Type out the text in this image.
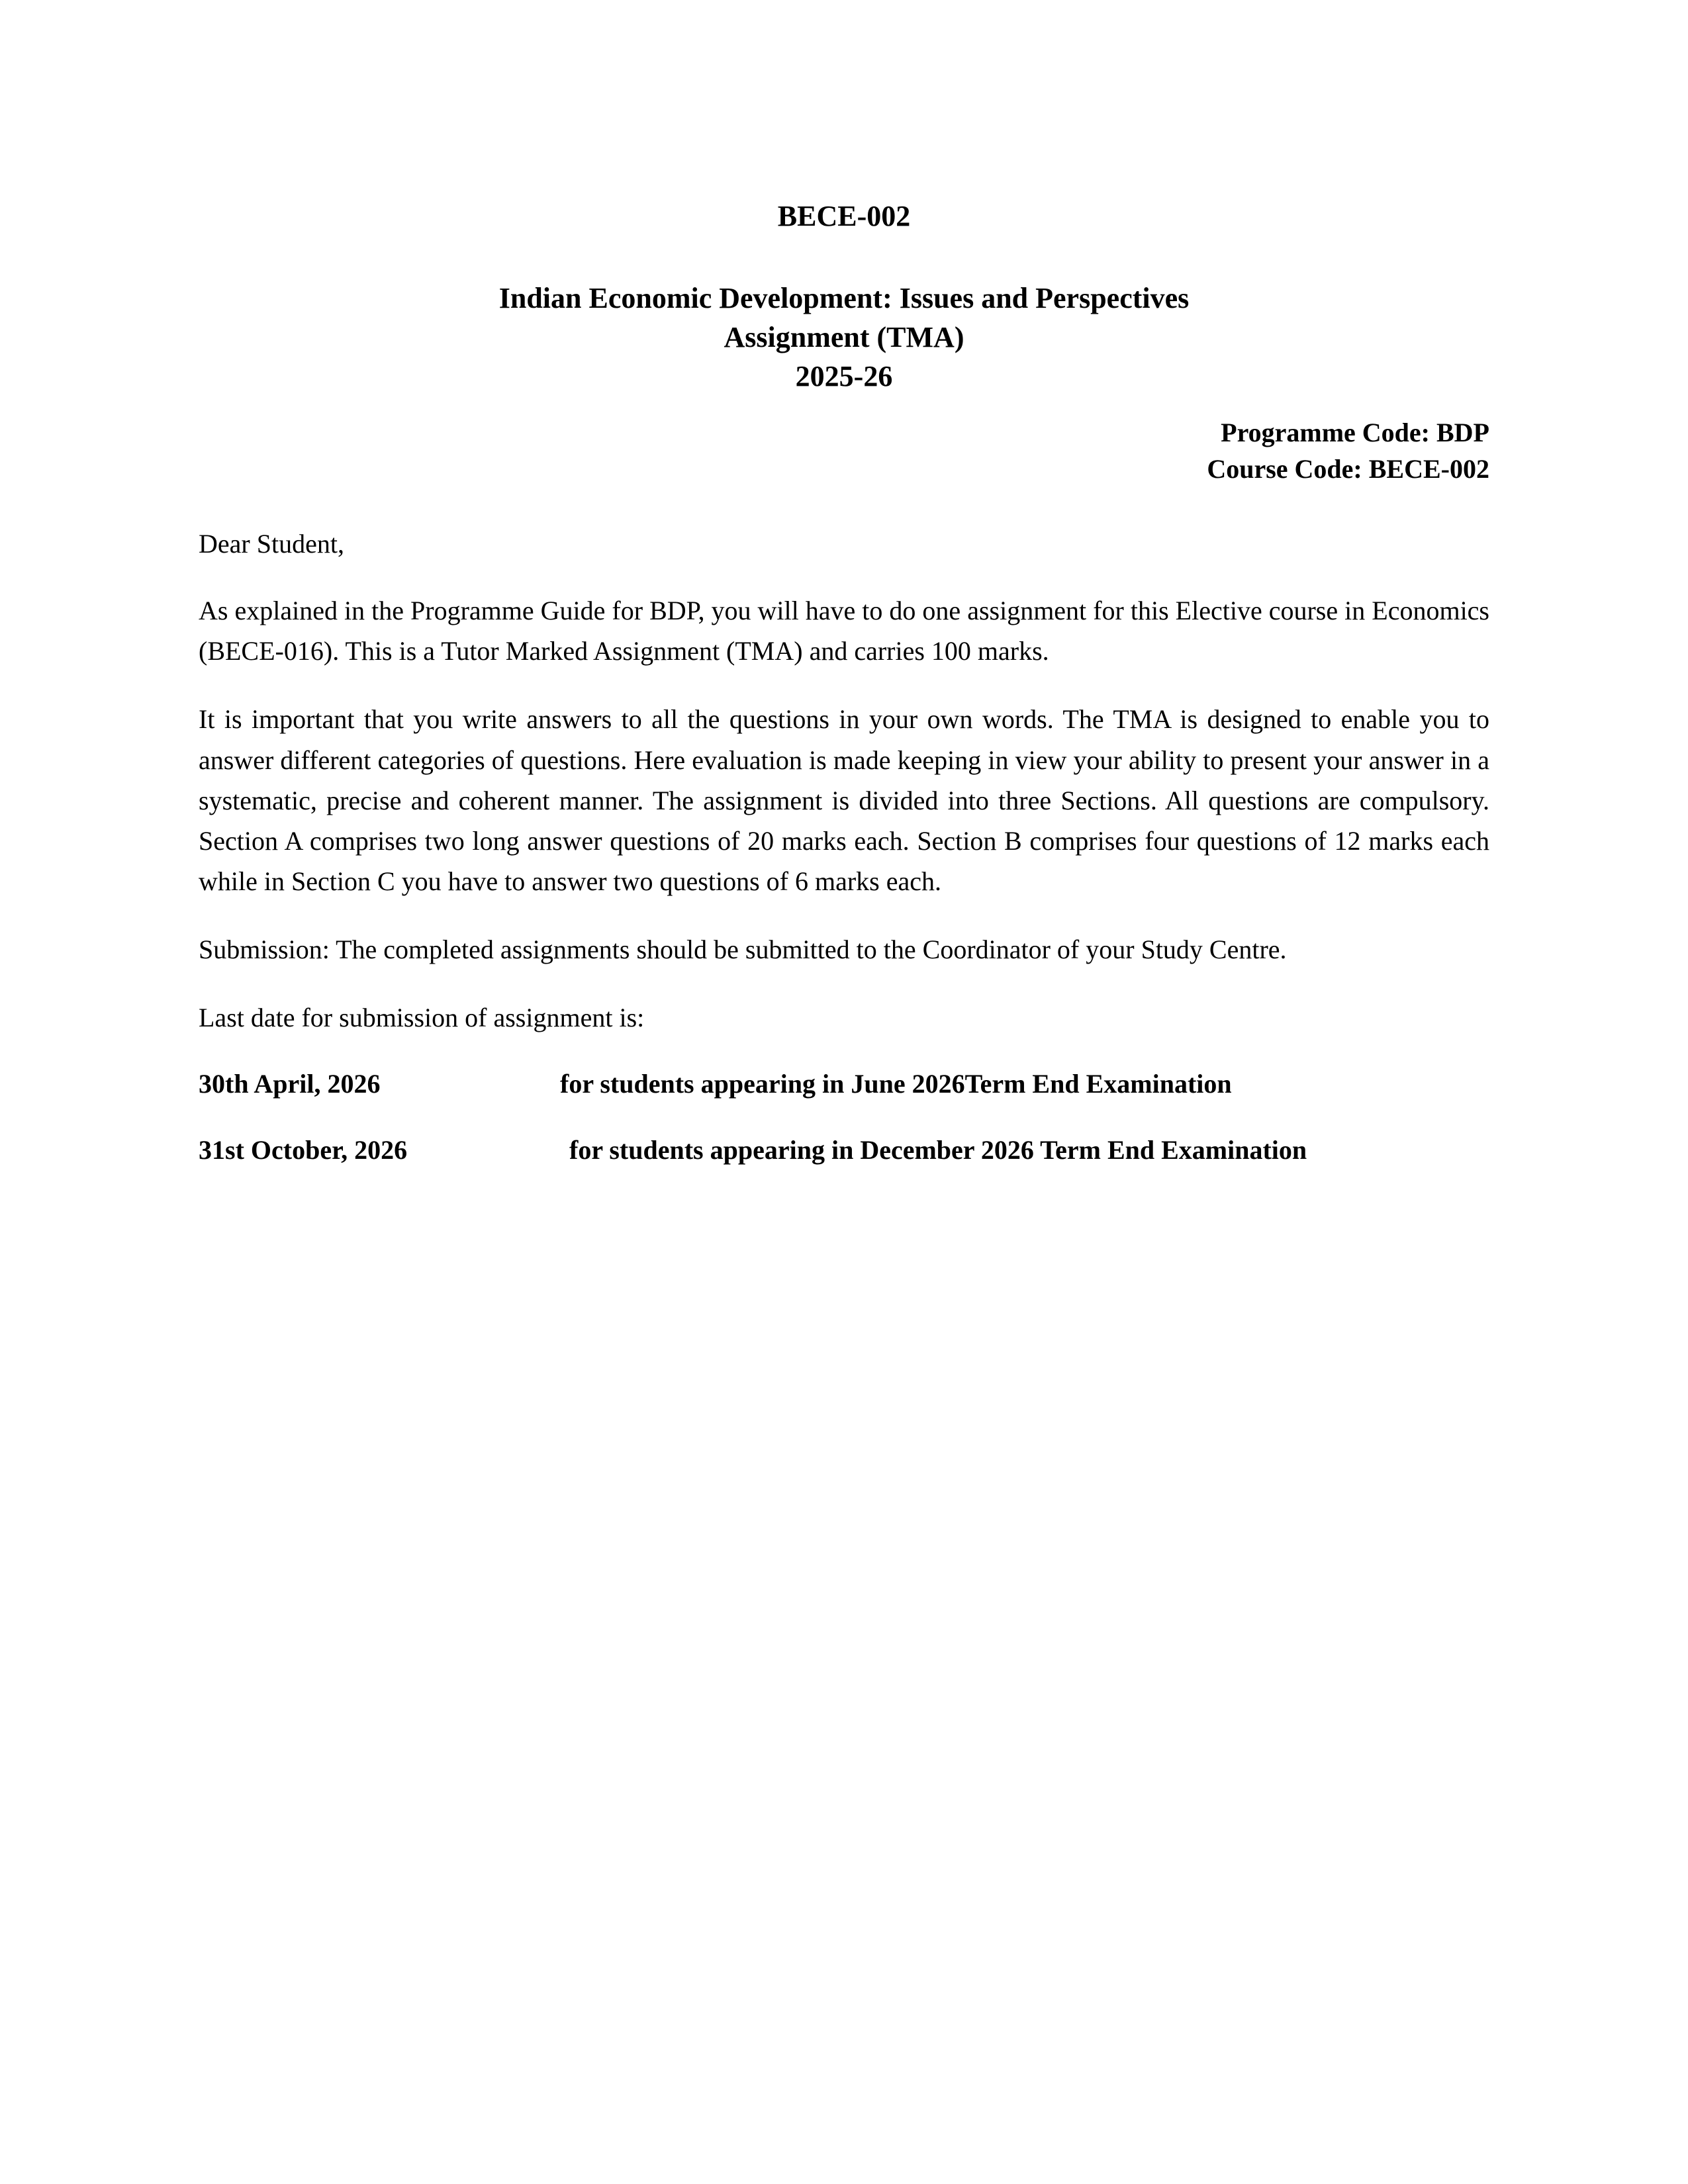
BECE-002
Indian Economic Development: Issues and Perspectives
Assignment (TMA)
2025-26
Programme Code: BDP
Course Code: BECE-002

Dear Student,

As explained in the Programme Guide for BDP, you will have to do one assignment for this Elective course in Economics (BECE-016). This is a Tutor Marked Assignment (TMA) and carries 100 marks.

It is important that you write answers to all the questions in your own words. The TMA is designed to enable you to answer different categories of questions. Here evaluation is made keeping in view your ability to present your answer in a systematic, precise and coherent manner. The assignment is divided into three Sections. All questions are compulsory. Section A comprises two long answer questions of 20 marks each. Section B comprises four questions of 12 marks each while in Section C you have to answer two questions of 6 marks each.

Submission: The completed assignments should be submitted to the Coordinator of your Study Centre.

Last date for submission of assignment is:

30th April, 2026	for students appearing in June 2026Term End Examination
31st October, 2026	for students appearing in December 2026 Term End Examination
